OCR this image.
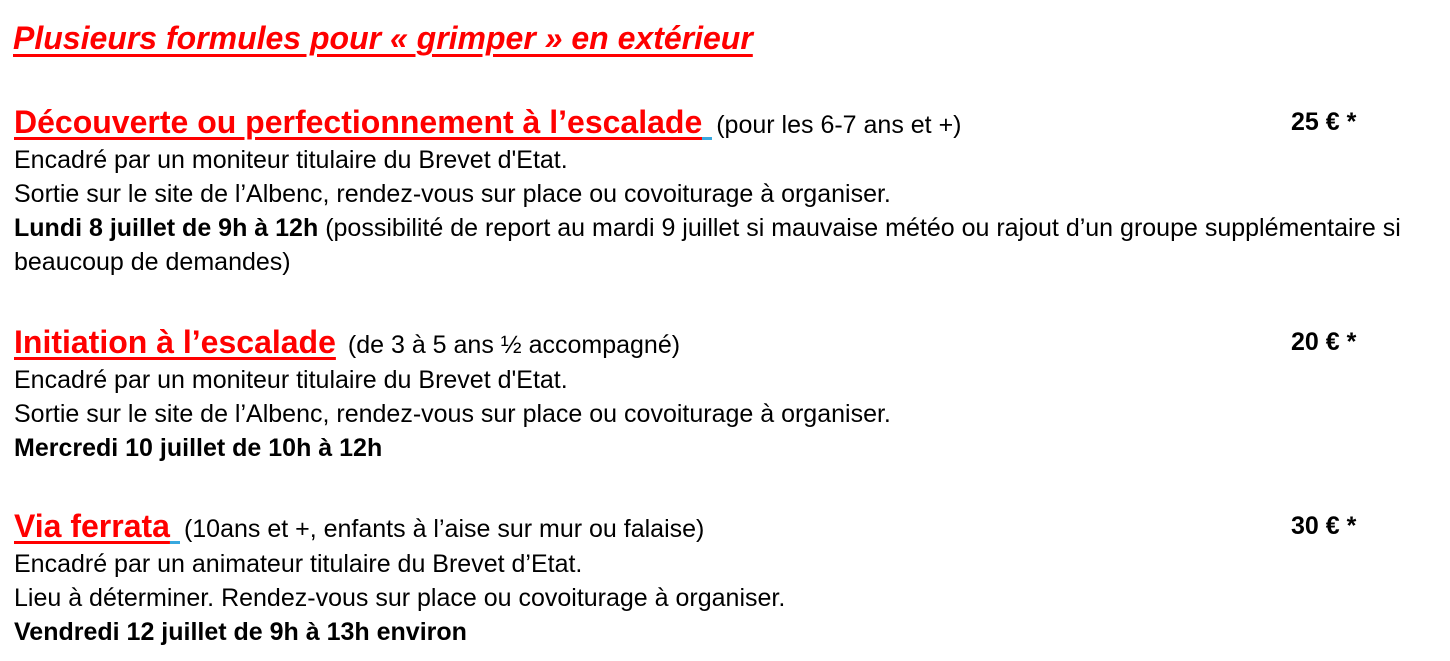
Plusieurs formules pour « grimper » en extérieur
Découverte ou perfectionnement à l’escalade (pour les 6-7 ans et +)	25 € *
Encadré par un moniteur titulaire du Brevet d'Etat.
Sortie sur le site de l’Albenc, rendez-vous sur place ou covoiturage à organiser.
Lundi 8 juillet de 9h à 12h (possibilité de report au mardi 9 juillet si mauvaise météo ou rajout d’un groupe supplémentaire si beaucoup de demandes)
Initiation à l’escalade (de 3 à 5 ans ½ accompagné)	20 € *
Encadré par un moniteur titulaire du Brevet d'Etat.
Sortie sur le site de l’Albenc, rendez-vous sur place ou covoiturage à organiser.
Mercredi 10 juillet de 10h à 12h
Via ferrata (10ans et +, enfants à l’aise sur mur ou falaise)	30 € *
Encadré par un animateur titulaire du Brevet d’Etat.
Lieu à déterminer. Rendez-vous sur place ou covoiturage à organiser.
Vendredi 12 juillet de 9h à 13h environ
